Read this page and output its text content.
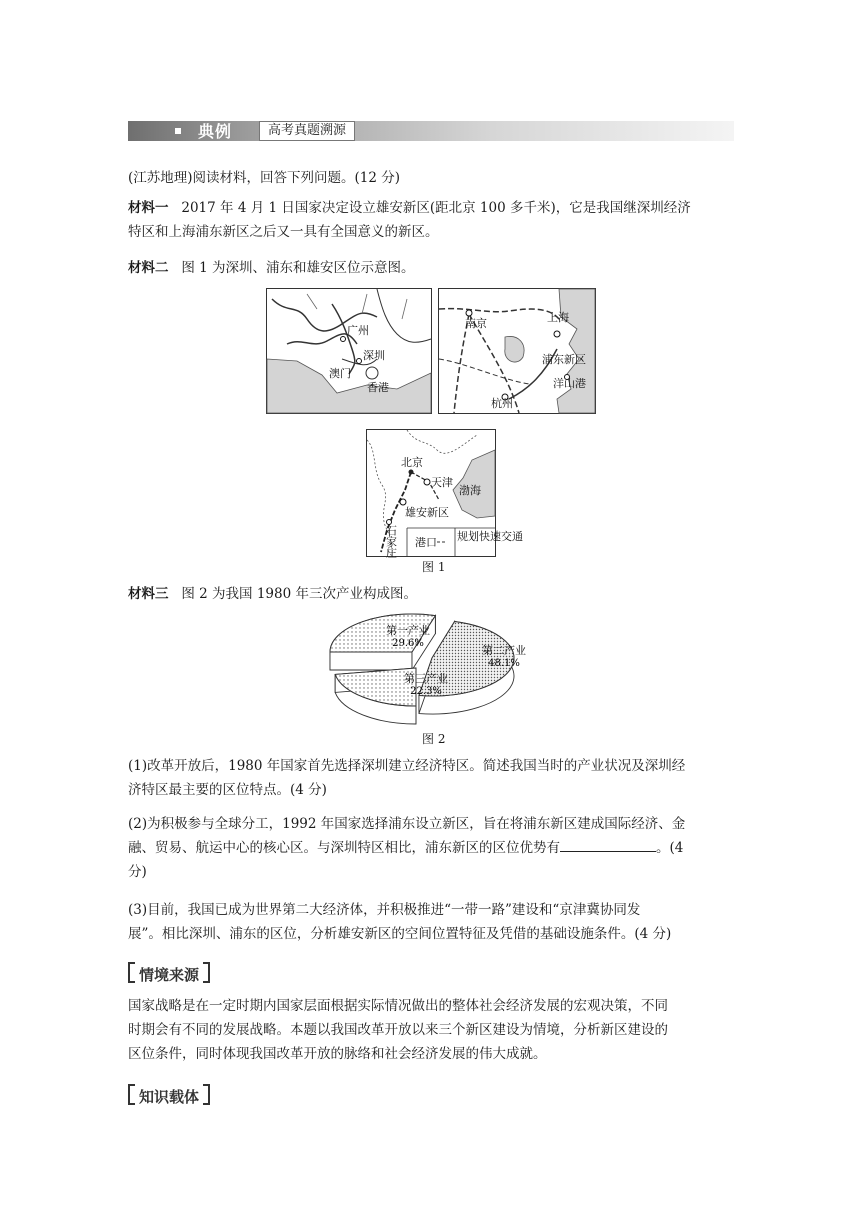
典例	高考真题溯源
(江苏地理)阅读材料，回答下列问题。(12 分)
材料一 2017 年 4 月 1 日国家决定设立雄安新区(距北京 100 多千米)，它是我国继深圳经济
特区和上海浦东新区之后又一具有全国意义的新区。
材料二 图 1 为深圳、浦东和雄安区位示意图。
广州
深圳
澳门
香港
南京	上海
浦东新区
洋山港
杭州
北京
天津
渤海
雄安新区
石家庄 港口 规划快速交通
图 1
材料三 图 2 为我国 1980 年三次产业构成图。
第一产业
29.6%
第二产业
48.1%
第三产业
22.3%
图 2
(1)改革开放后，1980 年国家首先选择深圳建立经济特区。简述我国当时的产业状况及深圳经
济特区最主要的区位特点。(4 分)
(2)为积极参与全球分工，1992 年国家选择浦东设立新区，旨在将浦东新区建成国际经济、金
融、贸易、航运中心的核心区。与深圳特区相比，浦东新区的区位优势有	。(4
分)
(3)目前，我国已成为世界第二大经济体，并积极推进“一带一路”建设和“京津冀协同发
展”。相比深圳、浦东的区位，分析雄安新区的空间位置特征及凭借的基础设施条件。(4 分)
情境来源
国家战略是在一定时期内国家层面根据实际情况做出的整体社会经济发展的宏观决策，不同
时期会有不同的发展战略。本题以我国改革开放以来三个新区建设为情境，分析新区建设的
区位条件，同时体现我国改革开放的脉络和社会经济发展的伟大成就。
知识载体
